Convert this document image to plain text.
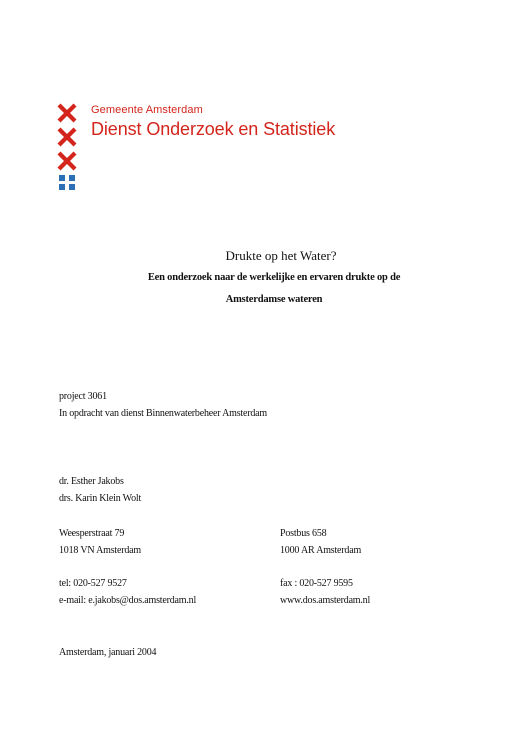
Gemeente Amsterdam
Dienst Onderzoek en Statistiek
Drukte op het Water?
Een onderzoek naar de werkelijke en ervaren drukte op de
Amsterdamse wateren
project 3061
In opdracht van dienst Binnenwaterbeheer Amsterdam
dr. Esther Jakobs
drs. Karin Klein Wolt
Weesperstraat 79
1018 VN Amsterdam
Postbus 658
1000 AR Amsterdam
tel: 020-527 9527
e-mail: e.jakobs@dos.amsterdam.nl
fax : 020-527 9595
www.dos.amsterdam.nl
Amsterdam, januari 2004
